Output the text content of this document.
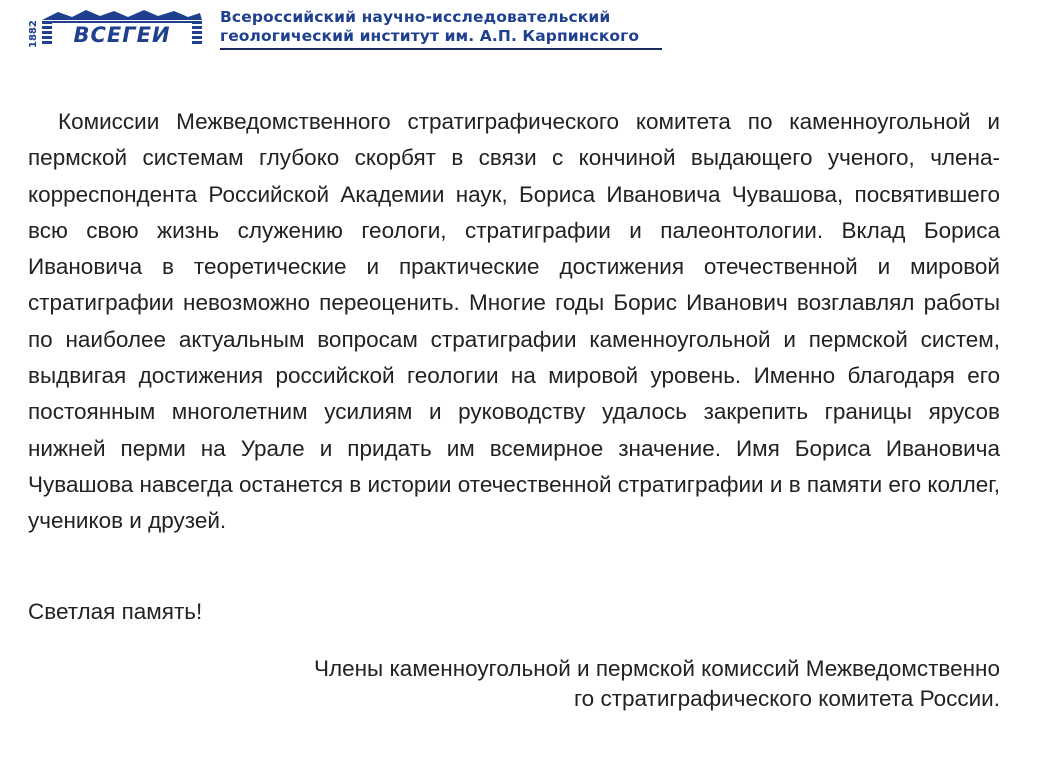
1882 ВСЕГЕИ
Всероссийский научно-исследовательский
геологический институт им. А.П. Карпинского

Комиссии Межведомственного стратиграфического комитета по каменноугольной и пермской системам глубоко скорбят в связи с кончиной выдающего ученого, члена-корреспондента Российской Академии наук, Бориса Ивановича Чувашова, посвятившего всю свою жизнь служению геологи, стратиграфии и палеонтологии. Вклад Бориса Ивановича в теоретические и практические достижения отечественной и мировой стратиграфии невозможно переоценить. Многие годы Борис Иванович возглавлял работы по наиболее актуальным вопросам стратиграфии каменноугольной и пермской систем, выдвигая достижения российской геологии на мировой уровень. Именно благодаря его постоянным многолетним усилиям и руководству удалось закрепить границы ярусов нижней перми на Урале и придать им всемирное значение. Имя Бориса Ивановича Чувашова навсегда останется в истории отечественной стратиграфии и в памяти его коллег, учеников и друзей.

Светлая память!

Члены каменноугольной и пермской комиссий Межведомственно
го стратиграфического комитета России.
